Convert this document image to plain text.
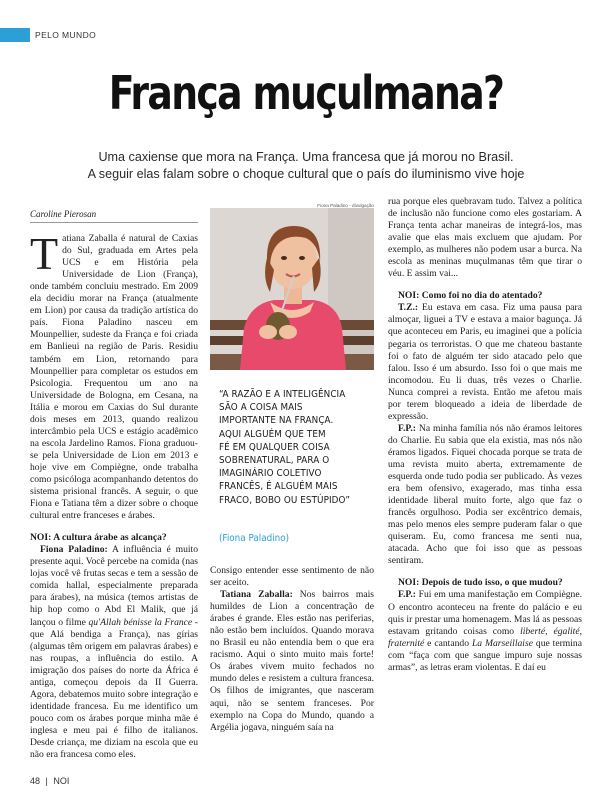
PELO MUNDO
França muçulmana?
Uma caxiense que mora na França. Uma francesa que já morou no Brasil.
A seguir elas falam sobre o choque cultural que o país do iluminismo vive hoje
Caroline Pierosan

Tatiana Zaballa é natural de Caxias do Sul, graduada em Artes pela UCS e em História pela Universidade de Lion (França), onde também concluiu mestrado. Em 2009 ela decidiu morar na França (atualmente em Lion) por causa da tradição artística do país. Fiona Paladino nasceu em Mounpellier, sudeste da França e foi criada em Banlieui na região de Paris. Residiu também em Lion, retornando para Mounpellier para completar os estudos em Psicologia. Frequentou um ano na Universidade de Bologna, em Cesana, na Itália e morou em Caxias do Sul durante dois meses em 2013, quando realizou intercâmbio pela UCS e estágio acadêmico na escola Jardelino Ramos. Fiona graduou-se pela Universidade de Lion em 2013 e hoje vive em Compiègne, onde trabalha como psicóloga acompanhando detentos do sistema prisional francês. A seguir, o que Fiona e Tatiana têm a dizer sobre o choque cultural entre franceses e árabes.

NOI: A cultura árabe as alcança?

Fiona Paladino: A influência é muito presente aqui. Você percebe na comida (nas lojas você vê frutas secas e tem a sessão de comida hallal, especialmente preparada para árabes), na música (temos artistas de hip hop como o Abd El Malik, que já lançou o filme qu'Allah bénisse la France - que Alá bendiga a França), nas gírias (algumas têm origem em palavras árabes) e nas roupas, a influência do estilo. A imigração dos países do norte da África é antiga, começou depois da II Guerra. Agora, debatemos muito sobre integração e identidade francesa. Eu me identifico um pouco com os árabes porque minha mãe é inglesa e meu pai é filho de italianos. Desde criança, me diziam na escola que eu não era francesa como eles.

Fiona Paladino - divulgação
“A RAZÃO E A INTELIGÊNCIA
SÃO A COISA MAIS
IMPORTANTE NA FRANÇA.
AQUI ALGUÉM QUE TEM
FÉ EM QUALQUER COISA
SOBRENATURAL, PARA O
IMAGINÁRIO COLETIVO
FRANCÊS, É ALGUÉM MAIS
FRACO, BOBO OU ESTÚPIDO”
(Fiona Paladino)

Consigo entender esse sentimento de não ser aceito.

Tatiana Zaballa: Nos bairros mais humildes de Lion a concentração de árabes é grande. Eles estão nas periferias, não estão bem incluídos. Quando morava no Brasil eu não entendia bem o que era racismo. Aqui o sinto muito mais forte! Os árabes vivem muito fechados no mundo deles e resistem a cultura francesa. Os filhos de imigrantes, que nasceram aqui, não se sentem franceses. Por exemplo na Copa do Mundo, quando a Argélia jogava, ninguém saía na

rua porque eles quebravam tudo. Talvez a política de inclusão não funcione como eles gostariam. A França tenta achar maneiras de integrá-los, mas avalie que elas mais excluem que ajudam. Por exemplo, as mulheres não podem usar a burca. Na escola as meninas muçulmanas têm que tirar o véu. E assim vai...

NOI: Como foi no dia do atentado?

T.Z.: Eu estava em casa. Fiz uma pausa para almoçar, liguei a TV e estava a maior bagunça. Já que aconteceu em Paris, eu imaginei que a polícia pegaria os terroristas. O que me chateou bastante foi o fato de alguém ter sido atacado pelo que falou. Isso é um absurdo. Isso foi o que mais me incomodou. Eu li duas, três vezes o Charlie. Nunca comprei a revista. Então me afetou mais por terem bloqueado a ideia de liberdade de expressão.

F.P.: Na minha família nós não éramos leitores do Charlie. Eu sabia que ela existia, mas nós não éramos ligados. Fiquei chocada porque se trata de uma revista muito aberta, extremamente de esquerda onde tudo podia ser publicado. Às vezes era bem ofensivo, exagerado, mas tinha essa identidade liberal muito forte, algo que faz o francês orgulhoso. Podia ser excêntrico demais, mas pelo menos eles sempre puderam falar o que quiseram. Eu, como francesa me senti nua, atacada. Acho que foi isso que as pessoas sentiram.

NOI: Depois de tudo isso, o que mudou?

F.P.: Fui em uma manifestação em Compiègne. O encontro aconteceu na frente do palácio e eu quis ir prestar uma homenagem. Mas lá as pessoas estavam gritando coisas como liberté, égalité, fraternité e cantando La Marseillaise que termina com “faça com que sangue impuro suje nossas armas”, as letras eram violentas. E daí eu

48 | NOI
